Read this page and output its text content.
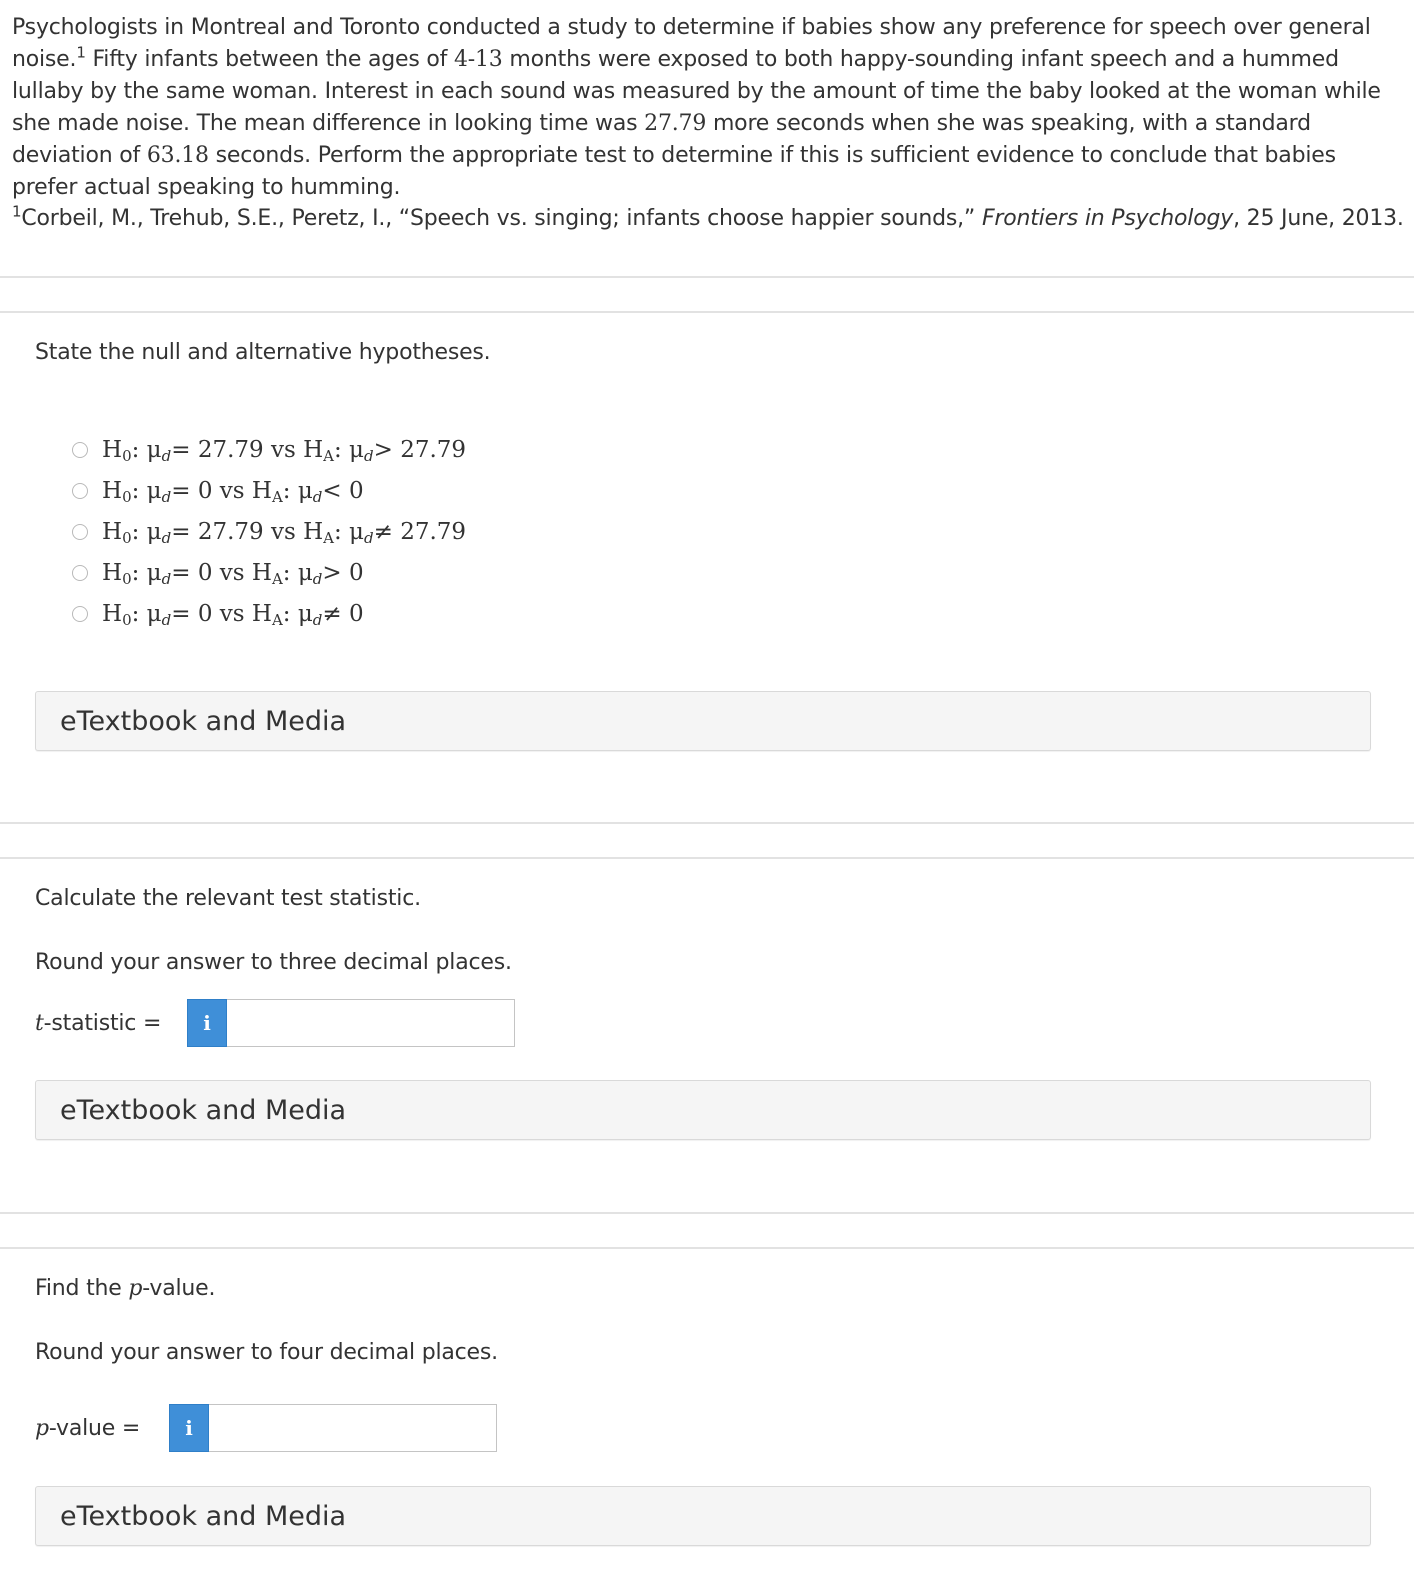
Psychologists in Montreal and Toronto conducted a study to determine if babies show any preference for speech over general noise.$^1$ Fifty infants between the ages of 4-13 months were exposed to both happy-sounding infant speech and a hummed lullaby by the same woman. Interest in each sound was measured by the amount of time the baby looked at the woman while she made noise. The mean difference in looking time was 27.79 more seconds when she was speaking, with a standard deviation of 63.18 seconds. Perform the appropriate test to determine if this is sufficient evidence to conclude that babies prefer actual speaking to humming.

$^1$Corbeil, M., Trehub, S.E., Peretz, I., “Speech vs. singing; infants choose happier sounds,” Frontiers in Psychology, 25 June, 2013.
State the null and alternative hypotheses.
H 0 : μ d = 27.79 vs H A : μ d > 27.79
H 0 : μ d = 0 vs H A : μ d < 0
H 0 : μ d = 27.79 vs H A : μ d ≠ 27.79
H 0 : μ d = 0 vs H A : μ d > 0
H 0 : μ d = 0 vs H A : μ d ≠ 0
eTextbook and Media
Calculate the relevant test statistic.
Round your answer to three decimal places.
t-statistic =	i
eTextbook and Media
Find the p-value.
Round your answer to four decimal places.
p-value =	i
eTextbook and Media
